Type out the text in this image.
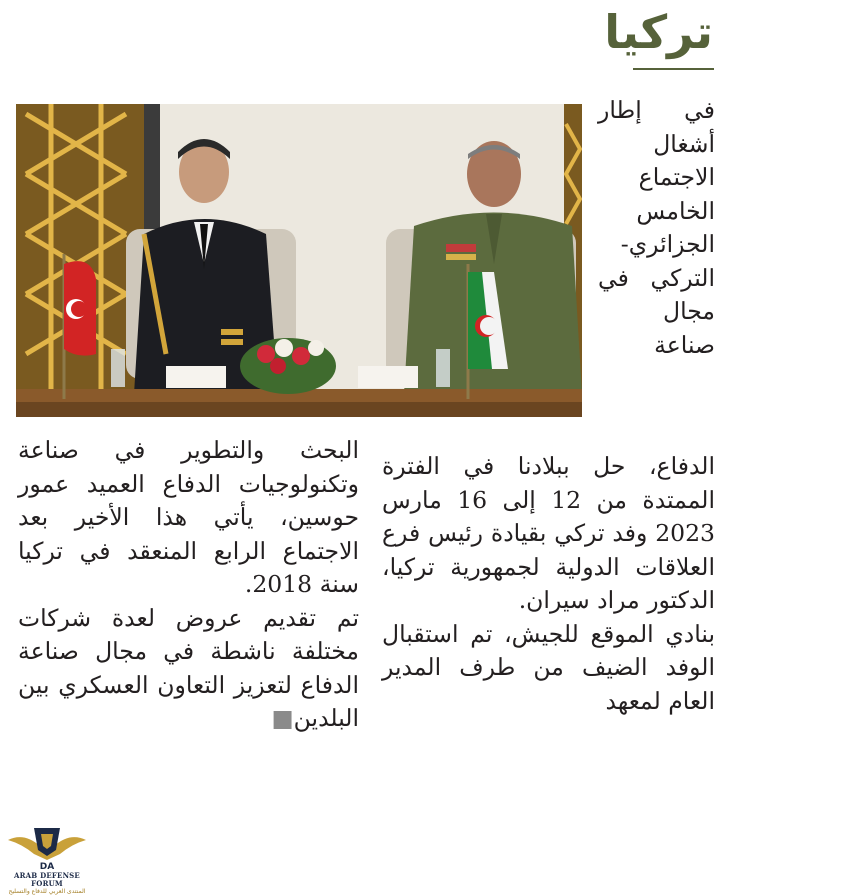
تركيا
في إطار أشغال الاجتماع الخامس الجزائري- التركي في مجال صناعة

الدفاع، حل ببلادنا في الفترة الممتدة من 12 إلى 16 مارس 2023 وفد تركي بقيادة رئيس فرع العلاقات الدولية لجمهورية تركيا، الدكتور مراد سيران.

بنادي الموقع للجيش، تم استقبال الوفد الضيف من طرف المدير العام لمعهد

البحث والتطوير في صناعة وتكنولوجيات الدفاع العميد عمور حوسين، يأتي هذا الأخير بعد الاجتماع الرابع المنعقد في تركيا سنة 2018.

تم تقديم عروض لعدة شركات مختلفة ناشطة في مجال صناعة الدفاع لتعزيز التعاون العسكري بين البلدين■

DA
ARAB DEFENSE FORUM
المنتدى العربي للدفاع والتسليح
